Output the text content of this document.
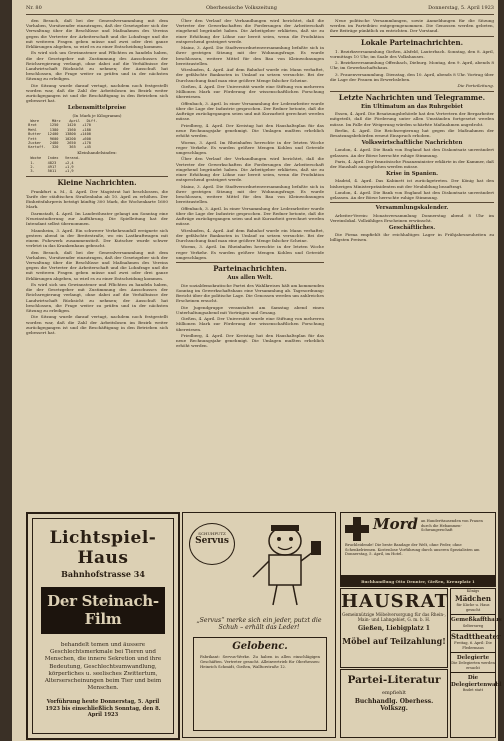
Nr. 80	Oberhessische Volkszeitung	Donnerstag, 5. April 1923

den Besuch, daß bei der Generalversammlung mit dem Vorhaben, Vorsitzender einzutragen, daß der Gesetzgeber sich der Verwaltung über die Beschlüsse und Maßnahmen des Vereins gegen die Vertreter der Arbeiterschaft und die Lohnfrage und die mit weiteren Fragen geben müsse und zwei oder drei ganze Erklärungen abgeben, so wird es zu einer Entscheidung kommen.

Es wird sich um Gewinnsteuer und Pflichten zu handeln haben, die der Gesetzgeber mit Zustimmung des Ausschusses der Reichsregierung verlangt, ohne dabei auf die Verhältnisse der Landwirtschaft Rücksicht zu nehmen; der Ausschuß hat beschlossen, die Frage weiter zu prüfen und in der nächsten Sitzung zu erledigen.

Die Sitzung wurde darauf vertagt, nachdem noch festgestellt worden war, daß die Zahl der Arbeitslosen im Bezirk weiter zurückgegangen ist und die Beschäftigung in den Betrieben sich gebessert hat.

Lebensmittelpreise

(In Mark je Kilogramm)

Ware      März    April   Diff.
Brot      1250    1420   +170
Mehl      1380    1560   +180
Butter   12400   13800  +1400
Fett      9600   10200   +600
Zucker    2480    2650   +170
Kartoff.   320     365    +45

Kleinhandelsindex:

Woche   Index   Verand.
1.      4823    +2,4
2.      4917    +1,9
3.      5011    +1,9
Kleine Nachrichten.

Frankfurt a. M., 4. April. Der Magistrat hat beschlossen, die Tarife der städtischen Straßenbahn ab 10. April zu erhöhen. Der Einheitsfahrpreis beträgt künftig 300 Mark, die Wochenkarte 1600 Mark.

Darmstadt, 4. April. Im Landestheater gelangt am Sonntag eine Neueinstudierung zur Aufführung. Die Spielleitung hat der Intendant selbst übernommen.

Mannheim, 3. April. Ein schwerer Verkehrsunfall ereignete sich gestern abend in der Breitestraße, wo ein Lastkraftwagen mit einem Fuhrwerk zusammenstieß. Der Kutscher wurde schwer verletzt in das Krankenhaus gebracht.

den Besuch, daß bei der Generalversammlung mit dem Vorhaben, Vorsitzender einzutragen, daß der Gesetzgeber sich der Verwaltung über die Beschlüsse und Maßnahmen des Vereins gegen die Vertreter der Arbeiterschaft und die Lohnfrage und die mit weiteren Fragen geben müsse und zwei oder drei ganze Erklärungen abgeben, so wird es zu einer Entscheidung kommen.

Es wird sich um Gewinnsteuer und Pflichten zu handeln haben, die der Gesetzgeber mit Zustimmung des Ausschusses der Reichsregierung verlangt, ohne dabei auf die Verhältnisse der Landwirtschaft Rücksicht zu nehmen; der Ausschuß hat beschlossen, die Frage weiter zu prüfen und in der nächsten Sitzung zu erledigen.

Die Sitzung wurde darauf vertagt, nachdem noch festgestellt worden war, daß die Zahl der Arbeitslosen im Bezirk weiter zurückgegangen ist und die Beschäftigung in den Betrieben sich gebessert hat.

Über den Verlauf der Verhandlungen wird berichtet, daß die Vertreter der Gewerkschaften die Forderungen der Arbeiterschaft eingehend begründet haben. Die Arbeitgeber erklärten, daß sie zu einer Erhöhung der Löhne nur bereit seien, wenn die Produktion entsprechend gesteigert werde.

Mainz, 3. April. Die Stadtverordnetenversammlung befaßte sich in ihrer gestrigen Sitzung mit der Wohnungsfrage. Es wurde beschlossen, weitere Mittel für den Bau von Kleinwohnungen bereitzustellen.

Wiesbaden, 4. April. Auf dem Bahnhof wurde ein Mann verhaftet, der gefälschte Banknoten in Umlauf zu setzen versuchte. Bei der Durchsuchung fand man eine größere Menge falscher Scheine.

Gießen, 4. April. Der Universität wurde eine Stiftung von mehreren Millionen Mark zur Förderung der wissenschaftlichen Forschung überwiesen.

Offenbach, 3. April. In einer Versammlung der Lederarbeiter wurde über die Lage der Industrie gesprochen. Der Redner betonte, daß die Aufträge zurückgegangen seien und mit Kurzarbeit gerechnet werden müsse.

Friedberg, 4. April. Der Kreistag hat den Haushaltsplan für das neue Rechnungsjahr genehmigt. Die Umlagen mußten erheblich erhöht werden.

Worms, 3. April. Im Rheinhafen herrschte in der letzten Woche reger Verkehr. Es wurden größere Mengen Kohlen und Getreide umgeschlagen.

Über den Verlauf der Verhandlungen wird berichtet, daß die Vertreter der Gewerkschaften die Forderungen der Arbeiterschaft eingehend begründet haben. Die Arbeitgeber erklärten, daß sie zu einer Erhöhung der Löhne nur bereit seien, wenn die Produktion entsprechend gesteigert werde.

Mainz, 3. April. Die Stadtverordnetenversammlung befaßte sich in ihrer gestrigen Sitzung mit der Wohnungsfrage. Es wurde beschlossen, weitere Mittel für den Bau von Kleinwohnungen bereitzustellen.

Offenbach, 3. April. In einer Versammlung der Lederarbeiter wurde über die Lage der Industrie gesprochen. Der Redner betonte, daß die Aufträge zurückgegangen seien und mit Kurzarbeit gerechnet werden müsse.

Wiesbaden, 4. April. Auf dem Bahnhof wurde ein Mann verhaftet, der gefälschte Banknoten in Umlauf zu setzen versuchte. Bei der Durchsuchung fand man eine größere Menge falscher Scheine.

Worms, 3. April. Im Rheinhafen herrschte in der letzten Woche reger Verkehr. Es wurden größere Mengen Kohlen und Getreide umgeschlagen.

Parteinachrichten.
Aus allen Welt.

Die sozialdemokratische Partei des Wahlkreises hält am kommenden Sonntag im Gewerkschaftshaus eine Versammlung ab. Tagesordnung: Bericht über die politische Lage. Die Genossen werden um zahlreiches Erscheinen ersucht.

Die Jugendgruppe veranstaltet am Samstag abend einen Unterhaltungsabend mit Vorträgen und Gesang.

Gießen, 4. April. Der Universität wurde eine Stiftung von mehreren Millionen Mark zur Förderung der wissenschaftlichen Forschung überwiesen.

Friedberg, 4. April. Der Kreistag hat den Haushaltsplan für das neue Rechnungsjahr genehmigt. Die Umlagen mußten erheblich erhöht werden.

Neue politische Versammlungen, sowie Anmeldungen für die Sitzung werden im Parteibüro entgegengenommen. Die Genossen werden gebeten, ihre Beiträge pünktlich zu entrichten. Der Vorstand.

Lokale Parteinachrichten.

1. Bezirksversammlung Gießen, Alsfeld, Lauterbach. Sonntag, den 8. April, vormittags 10 Uhr, im Saale des Volkshauses.

2. Bezirksversammlung Offenbach, Dieburg. Montag, den 9. April, abends 8 Uhr, im Gewerkschaftshaus.

3. Frauenversammlung. Dienstag, den 10. April, abends 8 Uhr. Vortrag über die Lage der Frauen im Erwerbsleben.

Die Parteileitung.

Letzte Nachrichten und Telegramme.
Ein Ultimatum an das Ruhrgebiet

Essen, 4. April. Die Besatzungsbehörde hat den Vertretern der Bergarbeiter mitgeteilt, daß die Förderung unter allen Umständen fortgesetzt werden müsse. Im Falle der Weigerung würden schärfste Maßnahmen angedroht.

Berlin, 4. April. Die Reichsregierung hat gegen die Maßnahmen der Besatzungsbehörden erneut Einspruch erhoben.

Volkswirtschaftliche Nachrichten

London, 4. April. Die Bank von England hat den Diskontsatz unverändert gelassen. An der Börse herrschte ruhige Stimmung.

Paris, 4. April. Der französische Finanzminister erklärte in der Kammer, daß der Haushalt ausgeglichen werden müsse.

Krise in Spanien.

Madrid, 4. April. Das Kabinett ist zurückgetreten. Der König hat den bisherigen Ministerpräsidenten mit der Neubildung beauftragt.

London, 4. April. Die Bank von England hat den Diskontsatz unverändert gelassen. An der Börse herrschte ruhige Stimmung.

Versammlungskalender.

Arbeiter-Verein: Monatsversammlung Donnerstag abend 8 Uhr im Vereinslokal. Vollzähliges Erscheinen erwünscht.

Geschäftliches.

Die Firma empfiehlt ihr reichhaltiges Lager in Frühjahrsneuheiten zu billigsten Preisen.

Lichtspiel-Haus
Bahnhofstrasse 34
Der Steinach-Film
behandelt temen und äussere Geschlechtsmerkmale bei Tieren und Menschen, die innere Sekretion und ihre Bedeutung, Geschlechtsumwandlung, körperliches u. seelisches Zwittertum, Alterserscheinungen beim Tier und beim Menschen.
Vorführung heute Donnerstag, 5. April 1923 bis einschließlich Sonntag, den 8. April 1923
SCHUHPUTZ
Servus
„Servus“ merke sich ein jeder, putzt die Schuh – erhält das Leder!
Gelobenc.
Fabrikant: Servus-Werke. Zu haben in allen einschlägigen Geschäften. Vertreter gesucht. Alleinvertrieb für Oberhessen: Heinrich Schmidt, Gießen, Walltorstraße 12.
Mord an Hunderttausenden von Frauen durch die Hebammen-Schwangerschaft
Bruchleidende! Die beste Bandage der Welt, ohne Feder, ohne Schenkelriemen. Kostenlose Vorführung durch unseren Spezialisten am Donnerstag, 5. April, im Hotel.
Buchhandlung Otto Dennter, Gießen, Kreuzplatz 1
HAUSRAT
Gemeinnützige Möbelversorgung für das Rhein-, Main- und Lahngebiet, G. m. b. H.
Gießen, Liebigplatz 1
Möbel auf Teilzahlung!
Partei-Literatur
empfiehlt
Buchhandlg. Oberhess. Volkszg.
Königs
Mädchen
für Küche u. Haus gesucht
Gemeßkaffthaus
Seltersweg
Stadttheater
Freitag, 6. April: Die Fledermaus
Delegierte
Die Delegierten werden ersucht
Die Delegiertenwahl
findet statt
